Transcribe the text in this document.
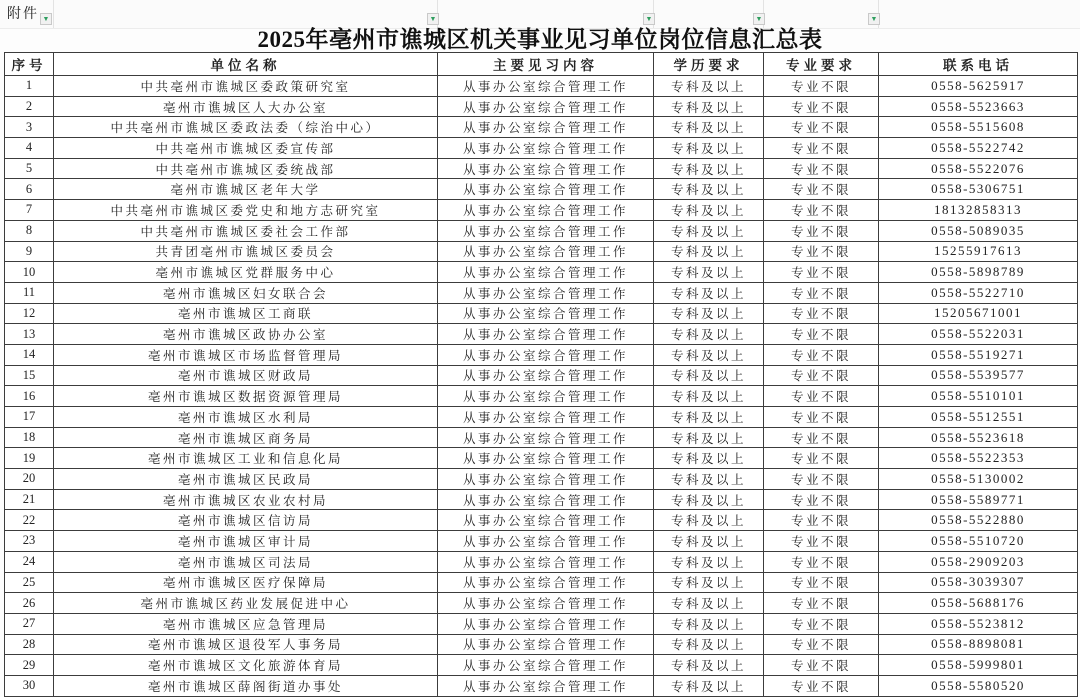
附件 ▼	▼	▼	▼	▼
2025年亳州市谯城区机关事业见习单位岗位信息汇总表
序号	单位名称	主要见习内容	学历要求	专业要求	联系电话
1	中共亳州市谯城区委政策研究室	从事办公室综合管理工作	专科及以上	专业不限	0558-5625917
2	亳州市谯城区人大办公室	从事办公室综合管理工作	专科及以上	专业不限	0558-5523663
3	中共亳州市谯城区委政法委（综治中心）	从事办公室综合管理工作	专科及以上	专业不限	0558-5515608
4	中共亳州市谯城区委宣传部	从事办公室综合管理工作	专科及以上	专业不限	0558-5522742
5	中共亳州市谯城区委统战部	从事办公室综合管理工作	专科及以上	专业不限	0558-5522076
6	亳州市谯城区老年大学	从事办公室综合管理工作	专科及以上	专业不限	0558-5306751
7	中共亳州市谯城区委党史和地方志研究室	从事办公室综合管理工作	专科及以上	专业不限	18132858313
8	中共亳州市谯城区委社会工作部	从事办公室综合管理工作	专科及以上	专业不限	0558-5089035
9	共青团亳州市谯城区委员会	从事办公室综合管理工作	专科及以上	专业不限	15255917613
10	亳州市谯城区党群服务中心	从事办公室综合管理工作	专科及以上	专业不限	0558-5898789
11	亳州市谯城区妇女联合会	从事办公室综合管理工作	专科及以上	专业不限	0558-5522710
12	亳州市谯城区工商联	从事办公室综合管理工作	专科及以上	专业不限	15205671001
13	亳州市谯城区政协办公室	从事办公室综合管理工作	专科及以上	专业不限	0558-5522031
14	亳州市谯城区市场监督管理局	从事办公室综合管理工作	专科及以上	专业不限	0558-5519271
15	亳州市谯城区财政局	从事办公室综合管理工作	专科及以上	专业不限	0558-5539577
16	亳州市谯城区数据资源管理局	从事办公室综合管理工作	专科及以上	专业不限	0558-5510101
17	亳州市谯城区水利局	从事办公室综合管理工作	专科及以上	专业不限	0558-5512551
18	亳州市谯城区商务局	从事办公室综合管理工作	专科及以上	专业不限	0558-5523618
19	亳州市谯城区工业和信息化局	从事办公室综合管理工作	专科及以上	专业不限	0558-5522353
20	亳州市谯城区民政局	从事办公室综合管理工作	专科及以上	专业不限	0558-5130002
21	亳州市谯城区农业农村局	从事办公室综合管理工作	专科及以上	专业不限	0558-5589771
22	亳州市谯城区信访局	从事办公室综合管理工作	专科及以上	专业不限	0558-5522880
23	亳州市谯城区审计局	从事办公室综合管理工作	专科及以上	专业不限	0558-5510720
24	亳州市谯城区司法局	从事办公室综合管理工作	专科及以上	专业不限	0558-2909203
25	亳州市谯城区医疗保障局	从事办公室综合管理工作	专科及以上	专业不限	0558-3039307
26	亳州市谯城区药业发展促进中心	从事办公室综合管理工作	专科及以上	专业不限	0558-5688176
27	亳州市谯城区应急管理局	从事办公室综合管理工作	专科及以上	专业不限	0558-5523812
28	亳州市谯城区退役军人事务局	从事办公室综合管理工作	专科及以上	专业不限	0558-8898081
29	亳州市谯城区文化旅游体育局	从事办公室综合管理工作	专科及以上	专业不限	0558-5999801
30	亳州市谯城区薛阁街道办事处	从事办公室综合管理工作	专科及以上	专业不限	0558-5580520
